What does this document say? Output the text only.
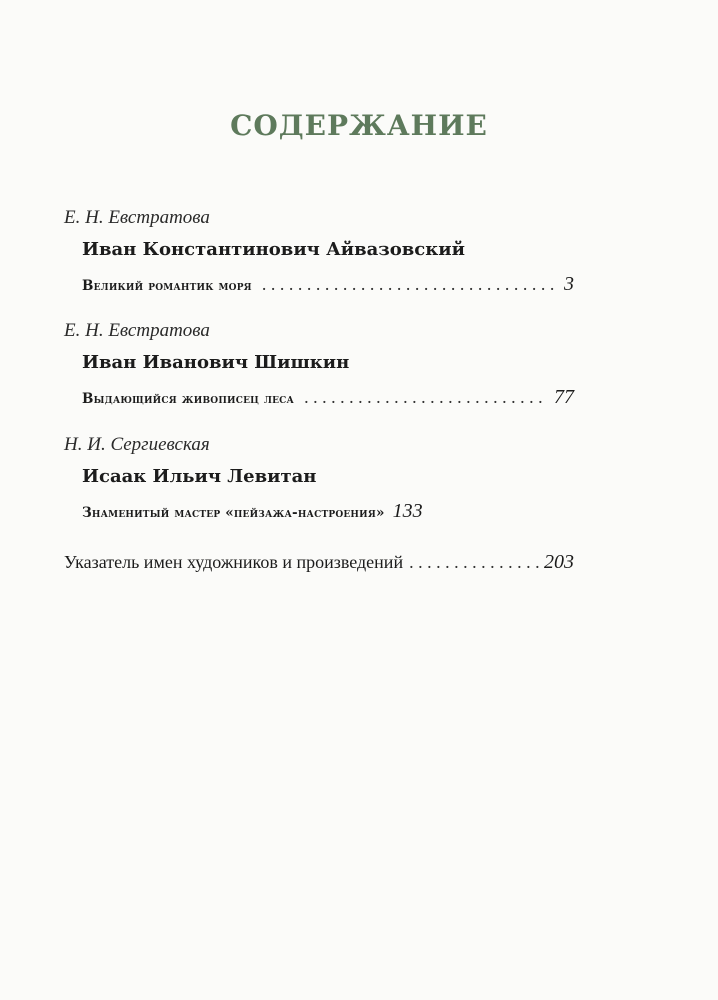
СОДЕРЖАНИЕ
Е. Н. Евстратова
Иван Константинович Айвазовский
Великий романтик моря . . .	3
Е. Н. Евстратова
Иван Иванович Шишкин
Выдающийся живописец леса . . .	77
Н. И. Сергиевская
Исаак Ильич Левитан
Знаменитый мастер «пейзажа-настроения» 133
Указатель имен художников и произведений . . .	203
